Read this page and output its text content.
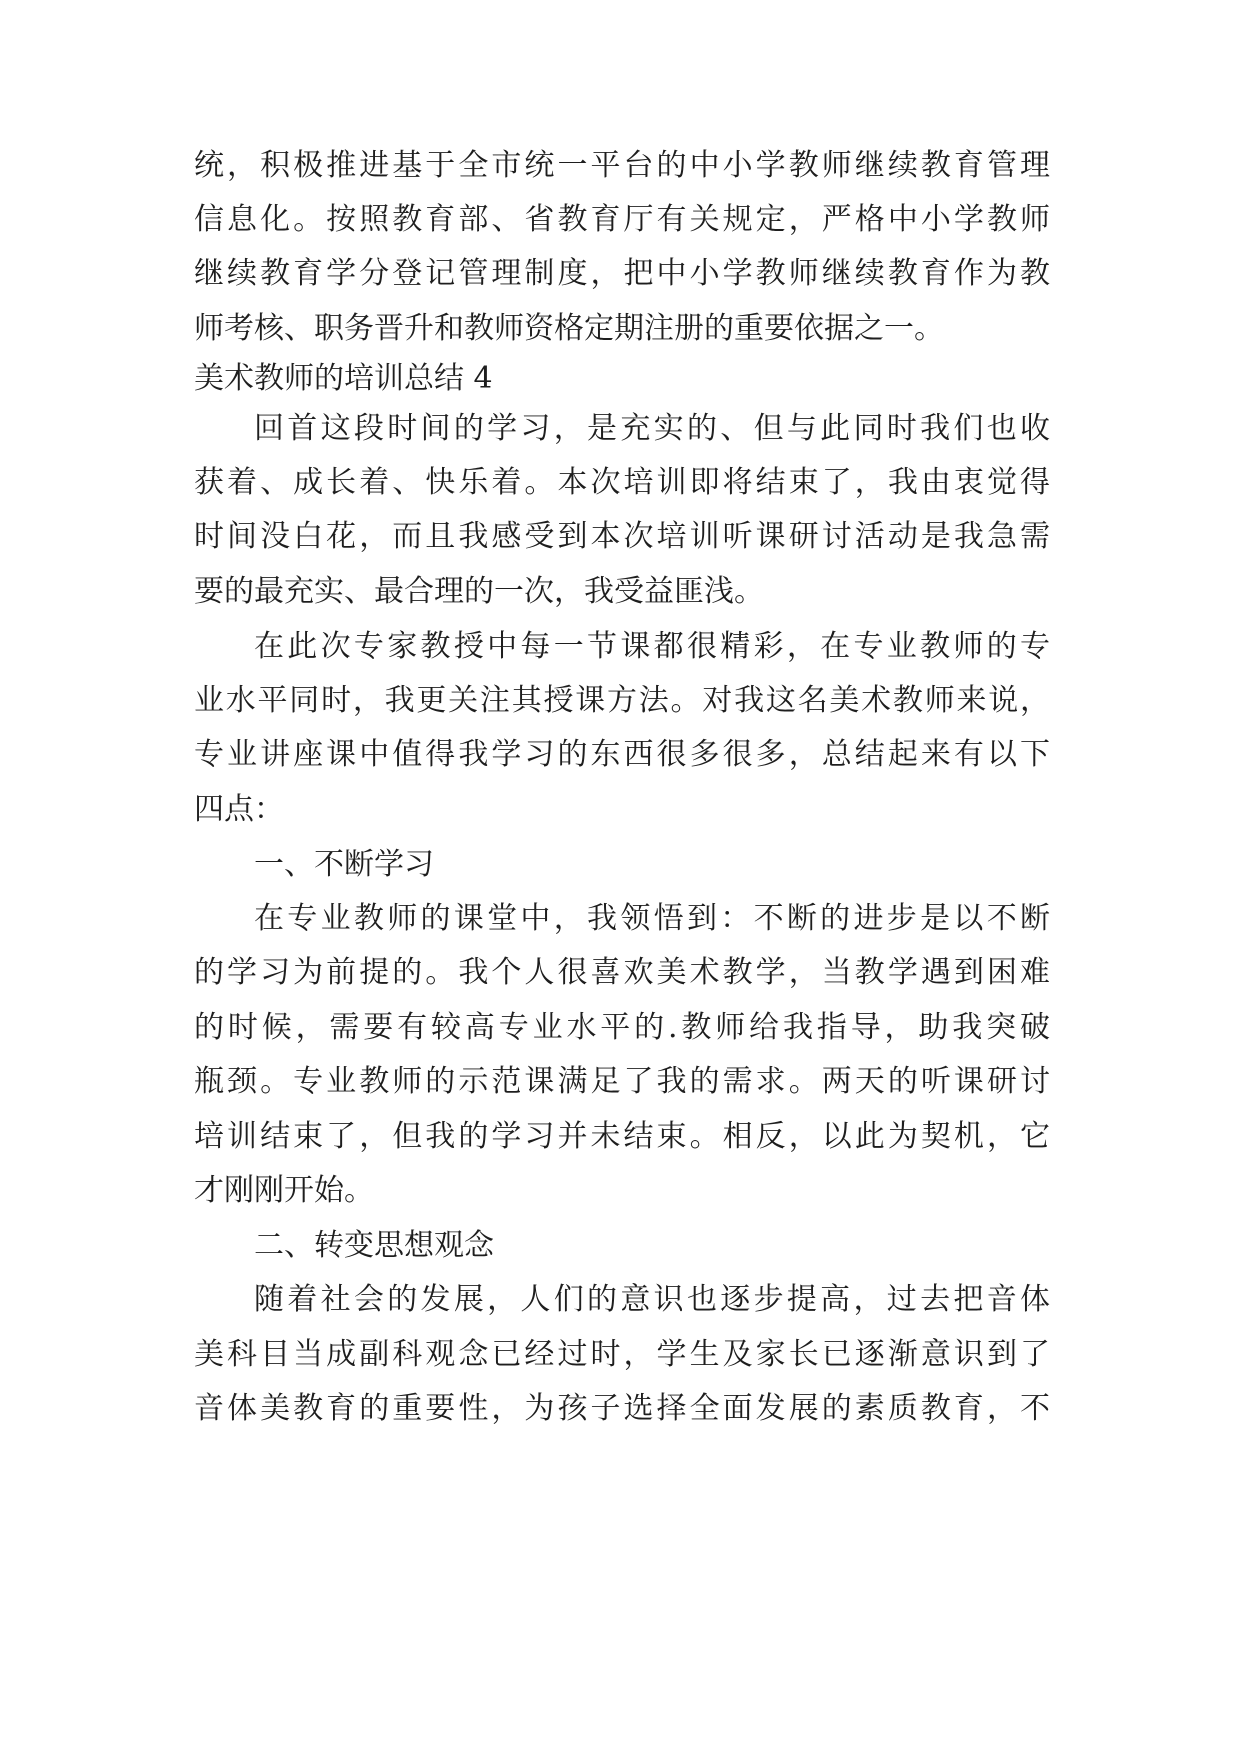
统，积极推进基于全市统一平台的中小学教师继续教育管理
信息化。按照教育部、省教育厅有关规定，严格中小学教师
继续教育学分登记管理制度，把中小学教师继续教育作为教
师考核、职务晋升和教师资格定期注册的重要依据之一。
美术教师的培训总结 4
回首这段时间的学习，是充实的、但与此同时我们也收
获着、成长着、快乐着。本次培训即将结束了，我由衷觉得
时间没白花，而且我感受到本次培训听课研讨活动是我急需
要的最充实、最合理的一次，我受益匪浅。
在此次专家教授中每一节课都很精彩，在专业教师的专
业水平同时，我更关注其授课方法。对我这名美术教师来说，
专业讲座课中值得我学习的东西很多很多，总结起来有以下
四点：
一、不断学习
在专业教师的课堂中，我领悟到：不断的进步是以不断
的学习为前提的。我个人很喜欢美术教学，当教学遇到困难
的时候，需要有较高专业水平的.教师给我指导，助我突破
瓶颈。专业教师的示范课满足了我的需求。两天的听课研讨
培训结束了，但我的学习并未结束。相反，以此为契机，它
才刚刚开始。
二、转变思想观念
随着社会的发展，人们的意识也逐步提高，过去把音体
美科目当成副科观念已经过时，学生及家长已逐渐意识到了
音体美教育的重要性，为孩子选择全面发展的素质教育，不
